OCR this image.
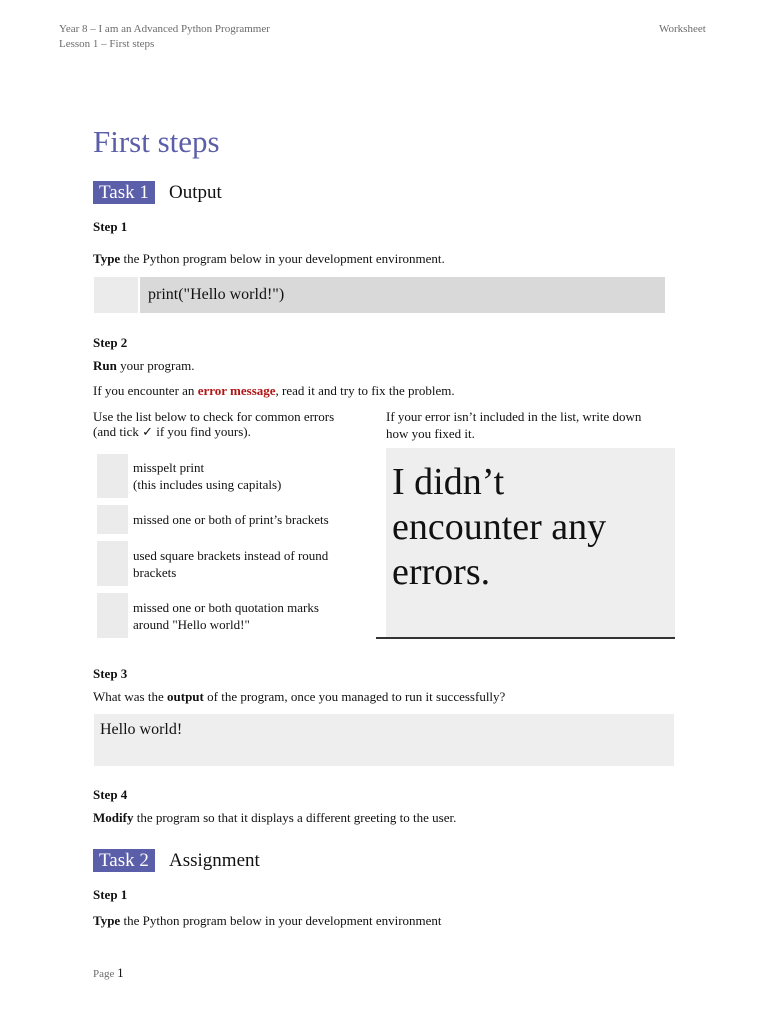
Year 8 – I am an Advanced Python Programmer
Lesson 1 – First steps
Worksheet
First steps
Task 1	Output
Step 1
Type the Python program below in your development environment.
print("Hello world!")
Step 2
Run your program.
If you encounter an error message, read it and try to fix the problem.
Use the list below to check for common errors
(and tick ✓ if you find yours).
If your error isn’t included in the list, write down
how you fixed it.
misspelt print
(this includes using capitals)
missed one or both of print’s brackets
used square brackets instead of round
brackets
missed one or both quotation marks
around "Hello world!"
I didn’t
encounter any
errors.
Step 3
What was the output of the program, once you managed to run it successfully?
Hello world!
Step 4
Modify the program so that it displays a different greeting to the user.
Task 2	Assignment
Step 1
Type the Python program below in your development environment
Page 1
